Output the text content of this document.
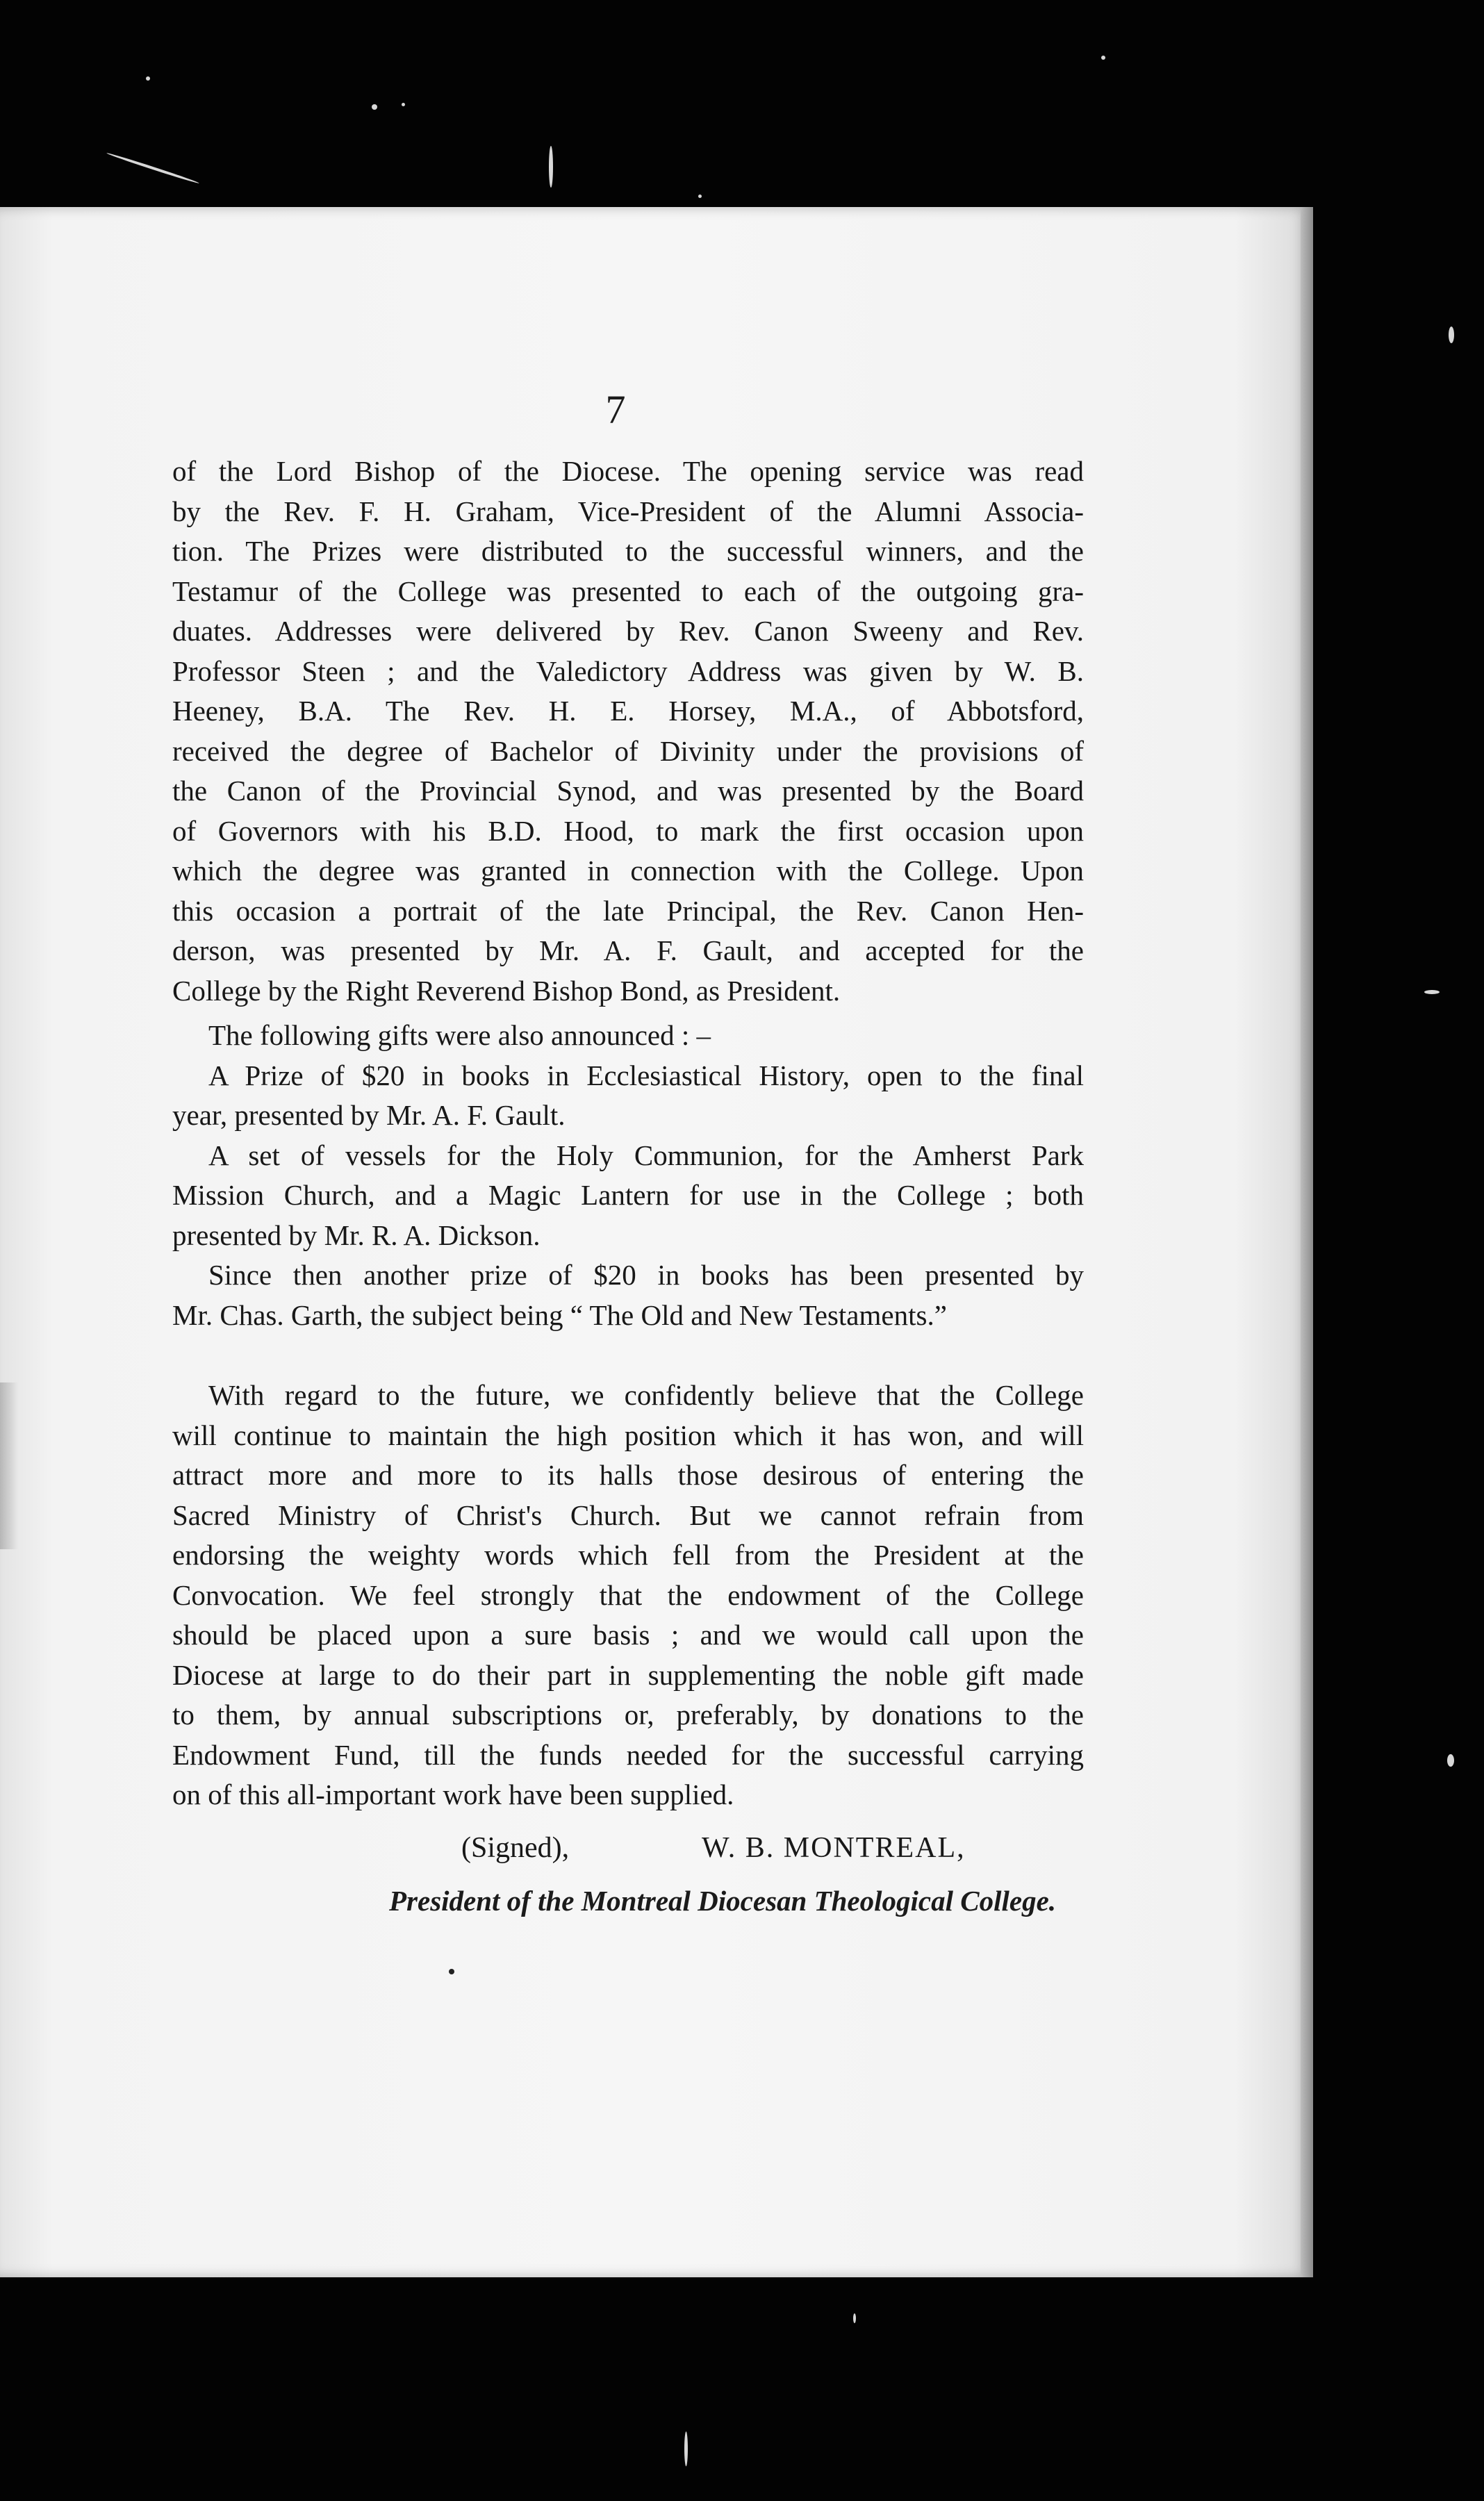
7
of the Lord Bishop of the Diocese. The opening service was read
by the Rev. F. H. Graham, Vice-President of the Alumni Associa-
tion. The Prizes were distributed to the successful winners, and the
Testamur of the College was presented to each of the outgoing gra-
duates. Addresses were delivered by Rev. Canon Sweeny and Rev.
Professor Steen ; and the Valedictory Address was given by W. B.
Heeney, B.A. The Rev. H. E. Horsey, M.A., of Abbotsford,
received the degree of Bachelor of Divinity under the provisions of
the Canon of the Provincial Synod, and was presented by the Board
of Governors with his B.D. Hood, to mark the first occasion upon
which the degree was granted in connection with the College. Upon
this occasion a portrait of the late Principal, the Rev. Canon Hen-
derson, was presented by Mr. A. F. Gault, and accepted for the
College by the Right Reverend Bishop Bond, as President.
The following gifts were also announced : –
A Prize of $20 in books in Ecclesiastical History, open to the final
year, presented by Mr. A. F. Gault.
A set of vessels for the Holy Communion, for the Amherst Park
Mission Church, and a Magic Lantern for use in the College ; both
presented by Mr. R. A. Dickson.
Since then another prize of $20 in books has been presented by
Mr. Chas. Garth, the subject being “ The Old and New Testaments.”
With regard to the future, we confidently believe that the College
will continue to maintain the high position which it has won, and will
attract more and more to its halls those desirous of entering the
Sacred Ministry of Christ's Church. But we cannot refrain from
endorsing the weighty words which fell from the President at the
Convocation. We feel strongly that the endowment of the College
should be placed upon a sure basis ; and we would call upon the
Diocese at large to do their part in supplementing the noble gift made
to them, by annual subscriptions or, preferably, by donations to the
Endowment Fund, till the funds needed for the successful carrying
on of this all-important work have been supplied.
(Signed),	W. B. MONTREAL,
President of the Montreal Diocesan Theological College.
